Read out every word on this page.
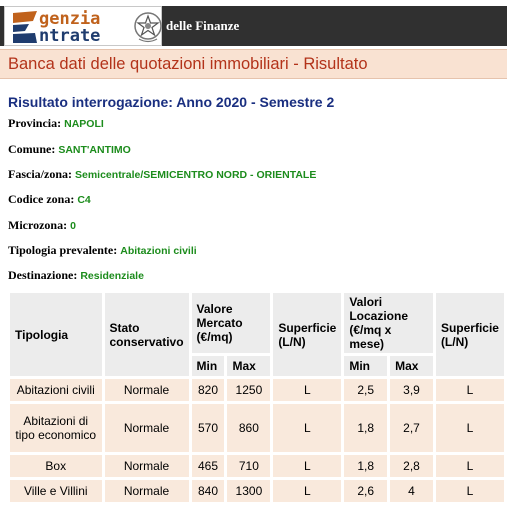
genzia
ntrate
delle Finanze
Banca dati delle quotazioni immobiliari - Risultato
Risultato interrogazione: Anno 2020 - Semestre 2
Provincia: NAPOLI
Comune: SANT'ANTIMO
Fascia/zona: Semicentrale/SEMICENTRO NORD - ORIENTALE
Codice zona: C4
Microzona: 0
Tipologia prevalente: Abitazioni civili
Destinazione: Residenziale
Tipologia	Stato conservativo	Valore Mercato (€/mq)		Superficie (L/N)	Valori Locazione (€/mq x mese)		Superficie (L/N)
		Min	Max		Min	Max	
Abitazioni civili	Normale	820	1250	L	2,5	3,9	L
Abitazioni di tipo economico	Normale	570	860	L	1,8	2,7	L
Box	Normale	465	710	L	1,8	2,8	L
Ville e Villini	Normale	840	1300	L	2,6	4	L
